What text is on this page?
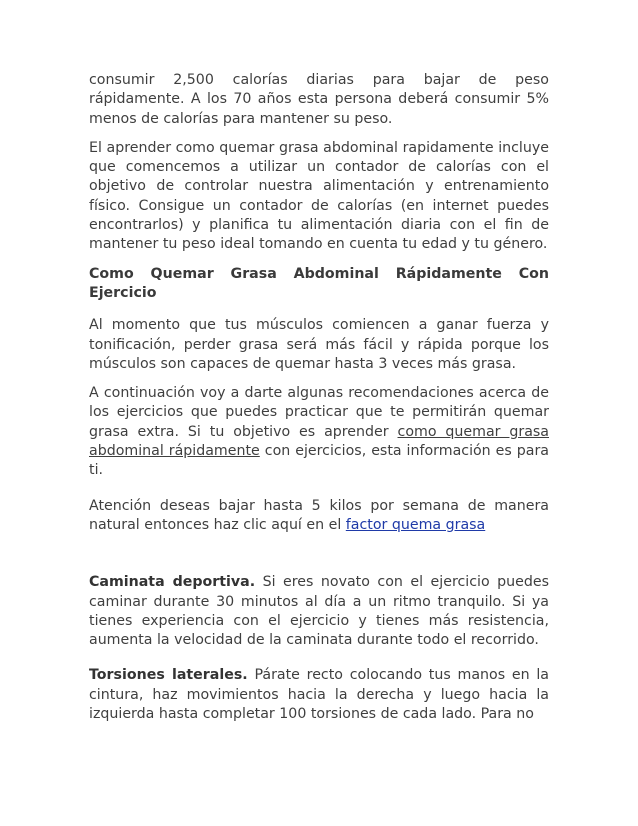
consumir 2,500 calorías diarias para bajar de peso rápidamente. A los 70 años esta persona deberá consumir 5% menos de calorías para mantener su peso.

El aprender como quemar grasa abdominal rapidamente incluye que comencemos a utilizar un contador de calorías con el objetivo de controlar nuestra alimentación y entrenamiento físico. Consigue un contador de calorías (en internet puedes encontrarlos) y planifica tu alimentación diaria con el fin de mantener tu peso ideal tomando en cuenta tu edad y tu género.

Como Quemar Grasa Abdominal Rápidamente Con Ejercicio

Al momento que tus músculos comiencen a ganar fuerza y tonificación, perder grasa será más fácil y rápida porque los músculos son capaces de quemar hasta 3 veces más grasa.

A continuación voy a darte algunas recomendaciones acerca de los ejercicios que puedes practicar que te permitirán quemar grasa extra. Si tu objetivo es aprender como quemar grasa abdominal rápidamente con ejercicios, esta información es para ti.

Atención deseas bajar hasta 5 kilos por semana de manera natural entonces haz clic aquí en el factor quema grasa

Caminata deportiva. Si eres novato con el ejercicio puedes caminar durante 30 minutos al día a un ritmo tranquilo. Si ya tienes experiencia con el ejercicio y tienes más resistencia, aumenta la velocidad de la caminata durante todo el recorrido.

Torsiones laterales. Párate recto colocando tus manos en la cintura, haz movimientos hacia la derecha y luego hacia la izquierda hasta completar 100 torsiones de cada lado. Para no
